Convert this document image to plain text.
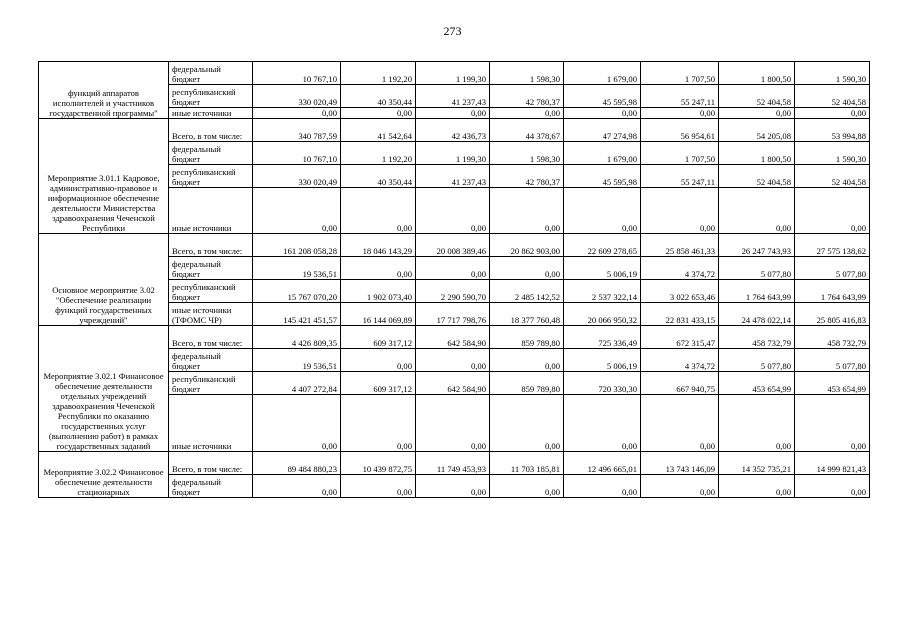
273
функций аппаратов исполнителей и участников государственной программы"	федеральный бюджет	10 767,10	1 192,20	1 199,30	1 598,30	1 679,00	1 707,50	1 800,50	1 590,30
	республиканский бюджет	330 020,49	40 350,44	41 237,43	42 780,37	45 595,98	55 247,11	52 404,58	52 404,58
	иные источники	0,00	0,00	0,00	0,00	0,00	0,00	0,00	0,00
Мероприятие 3.01.1 Кадровое, административно-правовое и информационное обеспечение деятельности Министерства здравоохранения Чеченской Республики	Всего, в том числе:	340 787,59	41 542,64	42 436,73	44 378,67	47 274,98	56 954,61	54 205,08	53 994,88
	федеральный бюджет	10 767,10	1 192,20	1 199,30	1 598,30	1 679,00	1 707,50	1 800,50	1 590,30
	республиканский бюджет	330 020,49	40 350,44	41 237,43	42 780,37	45 595,98	55 247,11	52 404,58	52 404,58
	иные источники	0,00	0,00	0,00	0,00	0,00	0,00	0,00	0,00
Основное мероприятие 3.02 "Обеспечение реализации функций государственных учреждений"	Всего, в том числе:	161 208 058,28	18 046 143,29	20 008 389,46	20 862 903,00	22 609 278,65	25 858 461,33	26 247 743,93	27 575 138,62
	федеральный бюджет	19 536,51	0,00	0,00	0,00	5 006,19	4 374,72	5 077,80	5 077,80
	республиканский бюджет	15 767 070,20	1 902 073,40	2 290 590,70	2 485 142,52	2 537 322,14	3 022 653,46	1 764 643,99	1 764 643,99
	иные источники (ТФОМС ЧР)	145 421 451,57	16 144 069,89	17 717 798,76	18 377 760,48	20 066 950,32	22 831 433,15	24 478 022,14	25 805 416,83
Мероприятие 3.02.1 Финансовое обеспечение деятельности отдельных учреждений здравоохранения Чеченской Республики по оказанию государственных услуг (выполнению работ) в рамках государственных заданий	Всего, в том числе:	4 426 809,35	609 317,12	642 584,90	859 789,80	725 336,49	672 315,47	458 732,79	458 732,79
	федеральный бюджет	19 536,51	0,00	0,00	0,00	5 006,19	4 374,72	5 077,80	5 077,80
	республиканский бюджет	4 407 272,84	609 317,12	642 584,90	859 789,80	720 330,30	667 940,75	453 654,99	453 654,99
	иные источники	0,00	0,00	0,00	0,00	0,00	0,00	0,00	0,00
Мероприятие 3.02.2 Финансовое обеспечение деятельности стационарных	Всего, в том числе:	89 484 880,23	10 439 872,75	11 749 453,93	11 703 185,81	12 496 665,01	13 743 146,09	14 352 735,21	14 999 821,43
	федеральный бюджет	0,00	0,00	0,00	0,00	0,00	0,00	0,00	0,00
